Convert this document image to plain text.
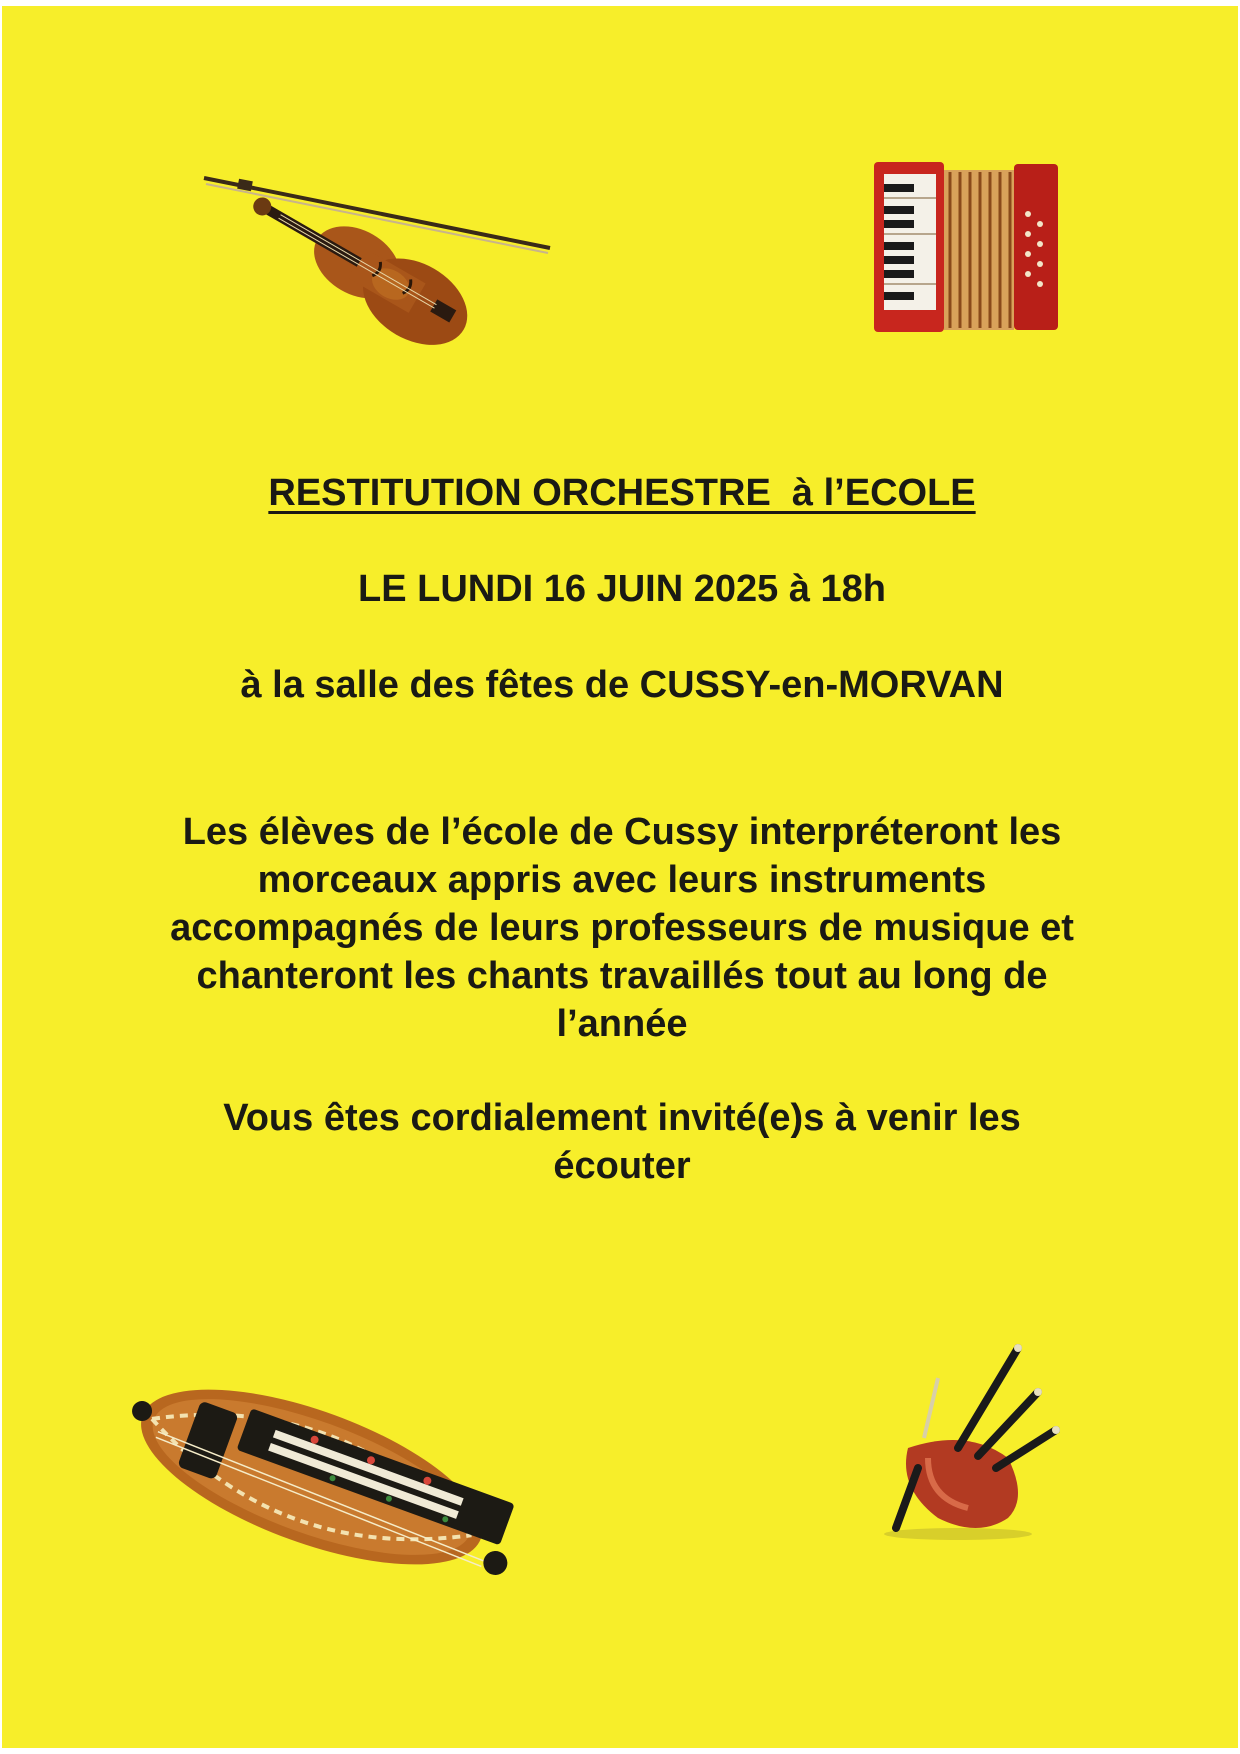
RESTITUTION ORCHESTRE  à l’ECOLE
LE LUNDI 16 JUIN 2025 à 18h
à la salle des fêtes de CUSSY-en-MORVAN
Les élèves de l’école de Cussy interpréteront les
morceaux appris avec leurs instruments
accompagnés de leurs professeurs de musique et
chanteront les chants travaillés tout au long de
l’année
Vous êtes cordialement invité(e)s à venir les
écouter
